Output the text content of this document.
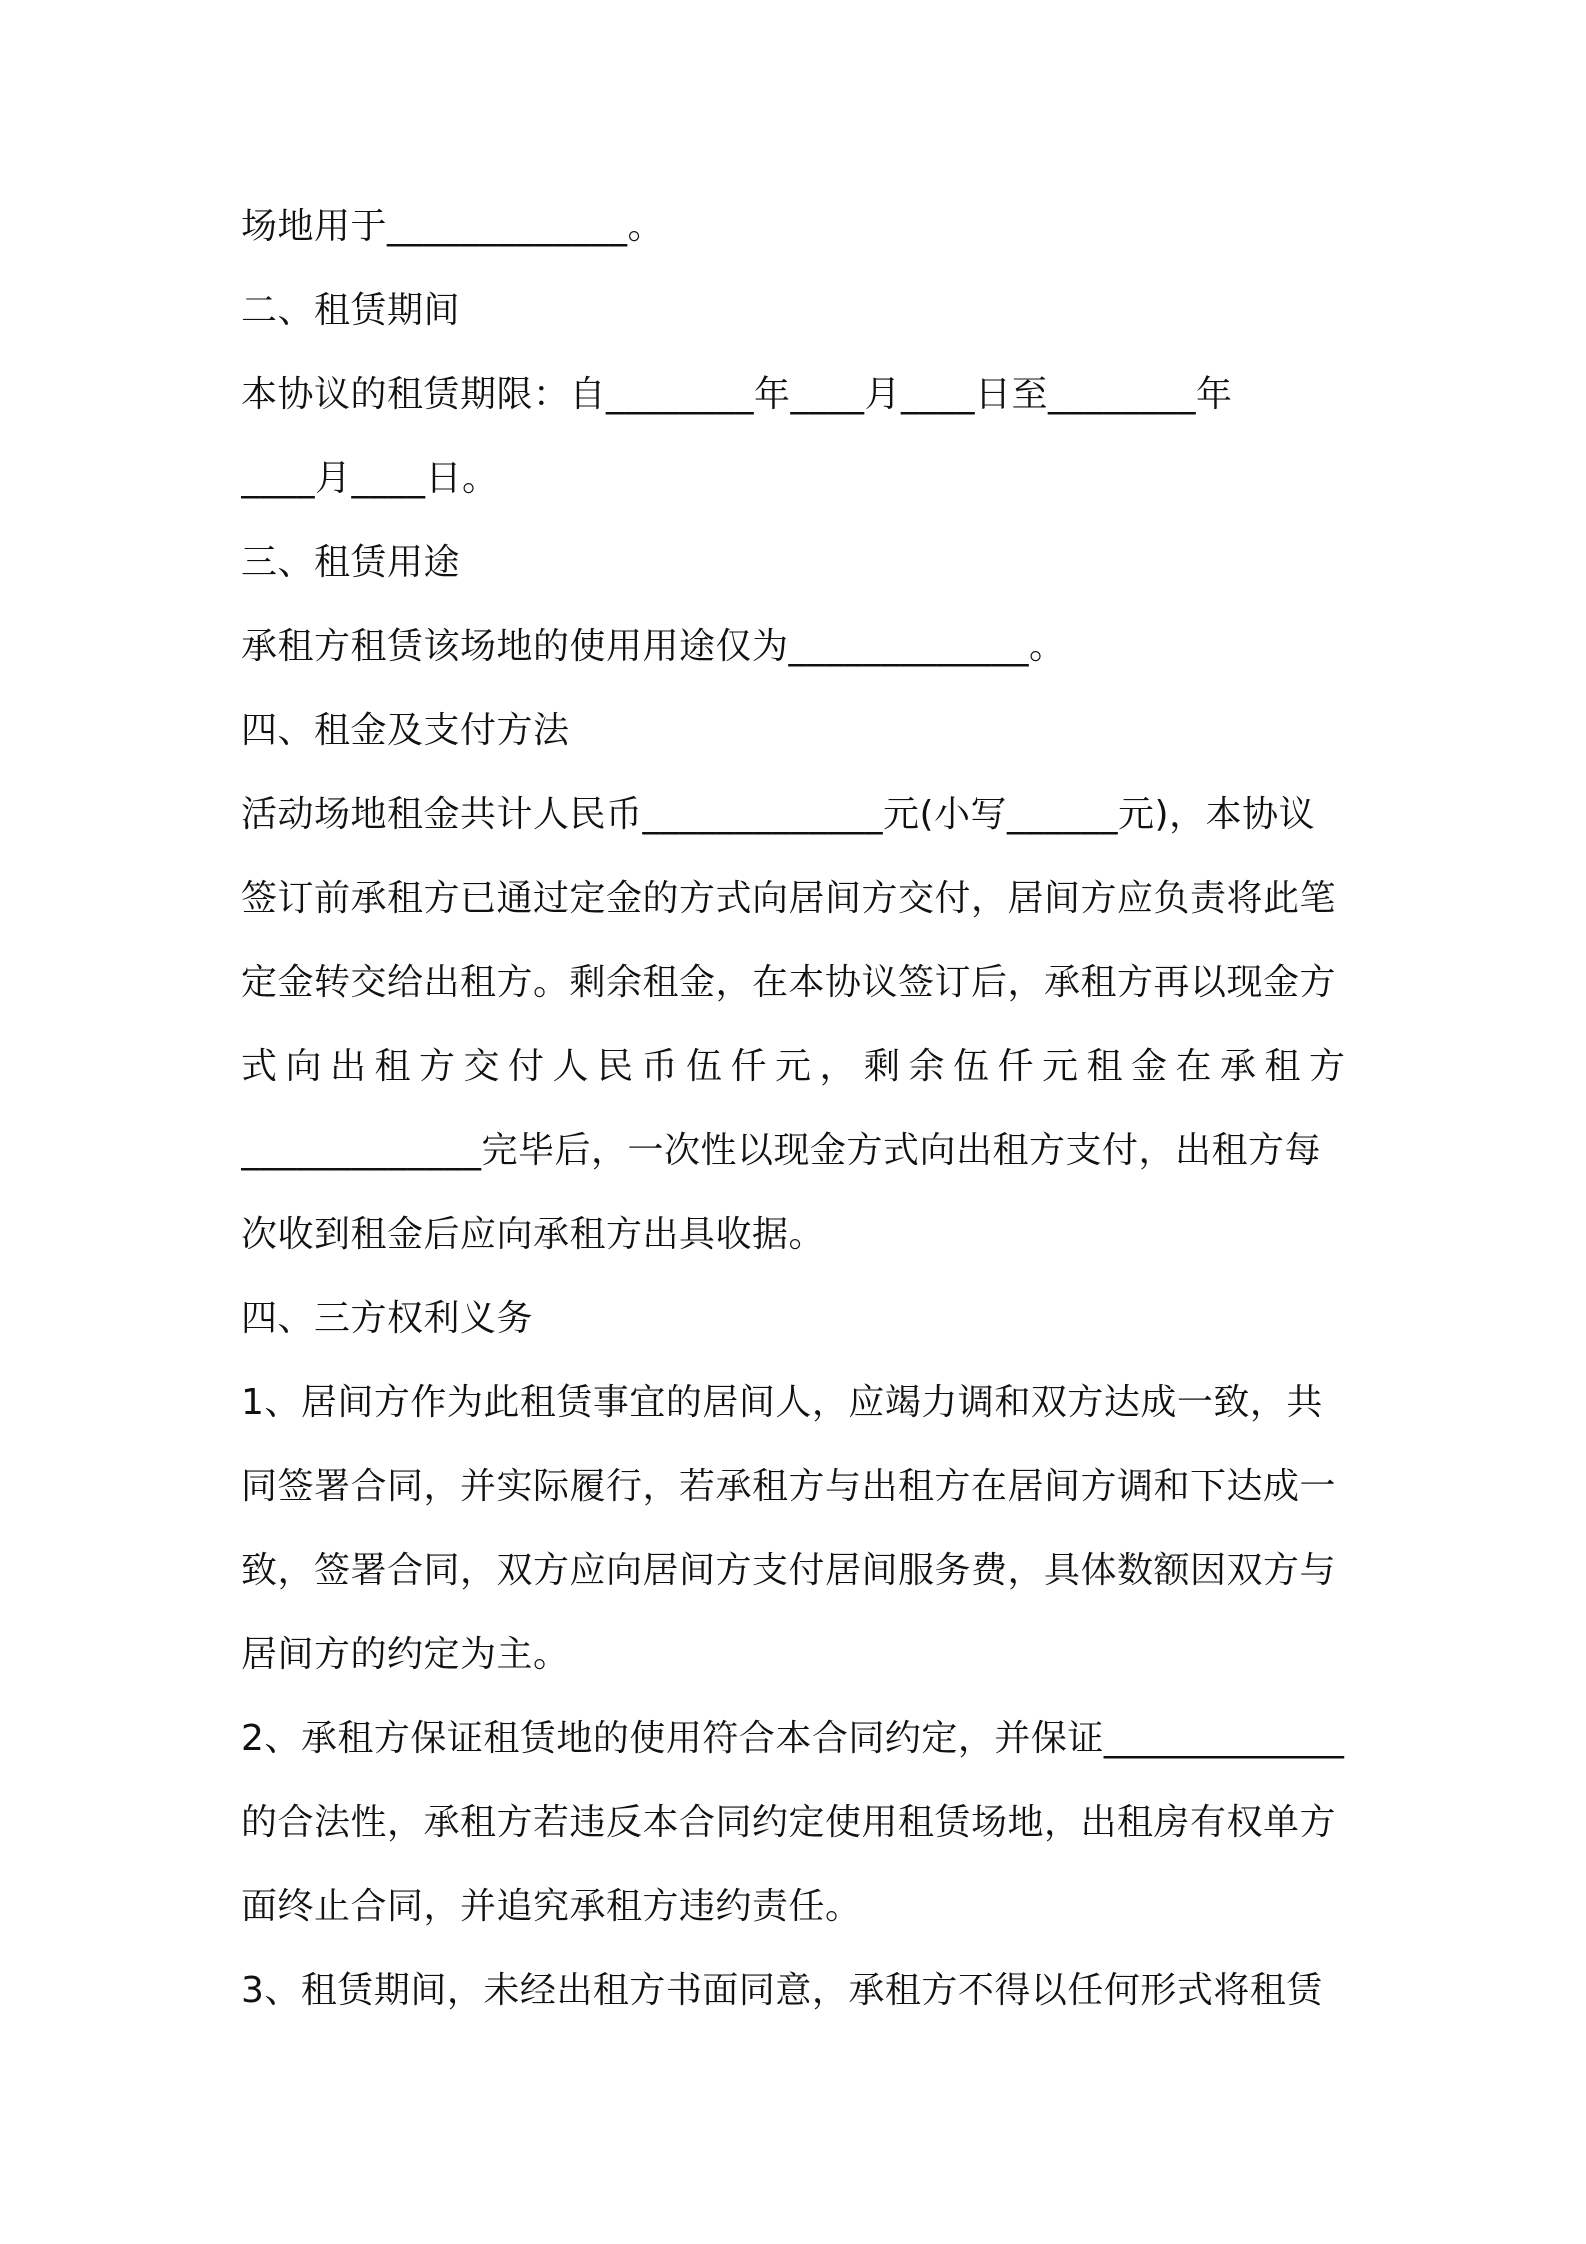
场地用于_____________。
二、租赁期间
本协议的租赁期限：自________年____月____日至________年
____月____日。
三、租赁用途
承租方租赁该场地的使用用途仅为_____________。
四、租金及支付方法
活动场地租金共计人民币_____________元(小写______元)，本协议
签订前承租方已通过定金的方式向居间方交付，居间方应负责将此笔
定金转交给出租方。剩余租金，在本协议签订后，承租方再以现金方
式向出租方交付人民币伍仟元，剩余伍仟元租金在承租方
_____________完毕后，一次性以现金方式向出租方支付，出租方每
次收到租金后应向承租方出具收据。
四、三方权利义务
1、居间方作为此租赁事宜的居间人，应竭力调和双方达成一致，共
同签署合同，并实际履行，若承租方与出租方在居间方调和下达成一
致，签署合同，双方应向居间方支付居间服务费，具体数额因双方与
居间方的约定为主。
2、承租方保证租赁地的使用符合本合同约定，并保证_____________
的合法性，承租方若违反本合同约定使用租赁场地，出租房有权单方
面终止合同，并追究承租方违约责任。
3、租赁期间，未经出租方书面同意，承租方不得以任何形式将租赁
